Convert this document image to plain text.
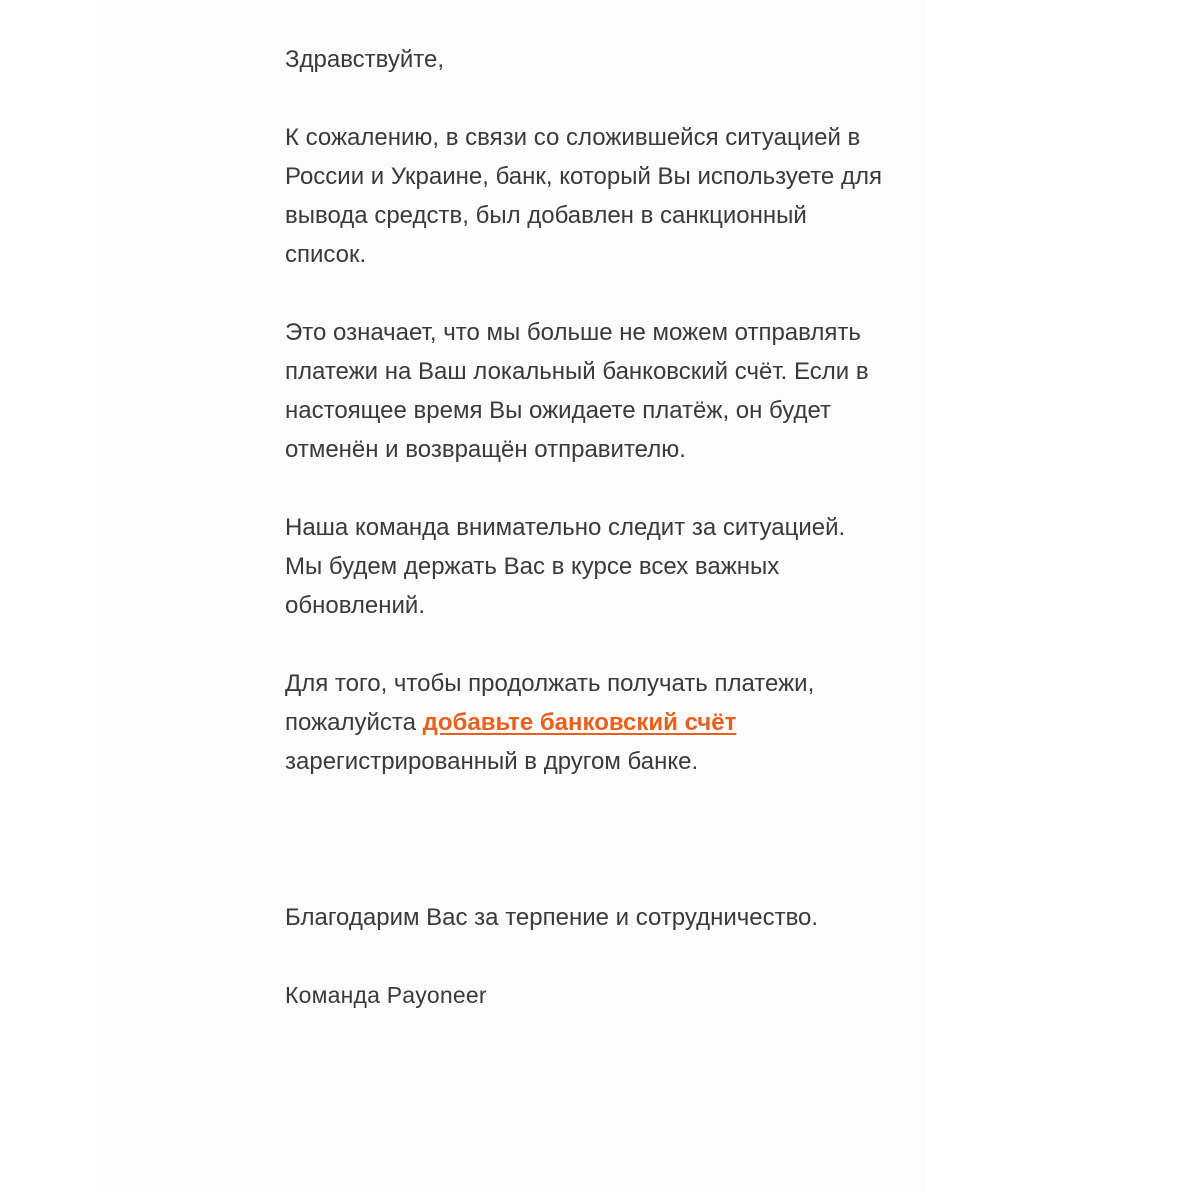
Здравствуйте,

К сожалению, в связи со сложившейся ситуацией в России и Украине, банк, который Вы используете для вывода средств, был добавлен в санкционный список.

Это означает, что мы больше не можем отправлять платежи на Ваш локальный банковский счёт. Если в настоящее время Вы ожидаете платёж, он будет отменён и возвращён отправителю.

Наша команда внимательно следит за ситуацией. Мы будем держать Вас в курсе всех важных обновлений.

Для того, чтобы продолжать получать платежи, пожалуйста добавьте банковский счёт зарегистрированный в другом банке.

Благодарим Вас за терпение и сотрудничество.

Команда Payoneer
